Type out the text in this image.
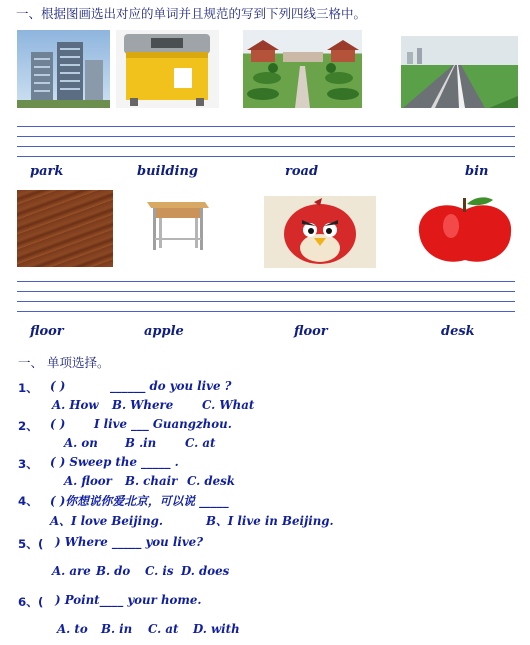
一、根据图画选出对应的单词并且规范的写到下列四线三格中。
park	building	road	bin
floor	apple	floor	desk
一、 单项选择。
1、 ( )	______ do you live ?
A. How B. Where C. What
2、 ( ) I live ___ Guangzhou.
A. on B .in C. at
3、 ( ) Sweep the _____ .
A. floor B. chair C. desk
4、 ( )你想说你爱北京，可以说 _____
A、I love Beijing.	B、I live in Beijing.
5、( ) Where _____ you live?
A. are B. do C. is D. does
6、( ) Point____ your home.
A. to B. in C. at D. with
